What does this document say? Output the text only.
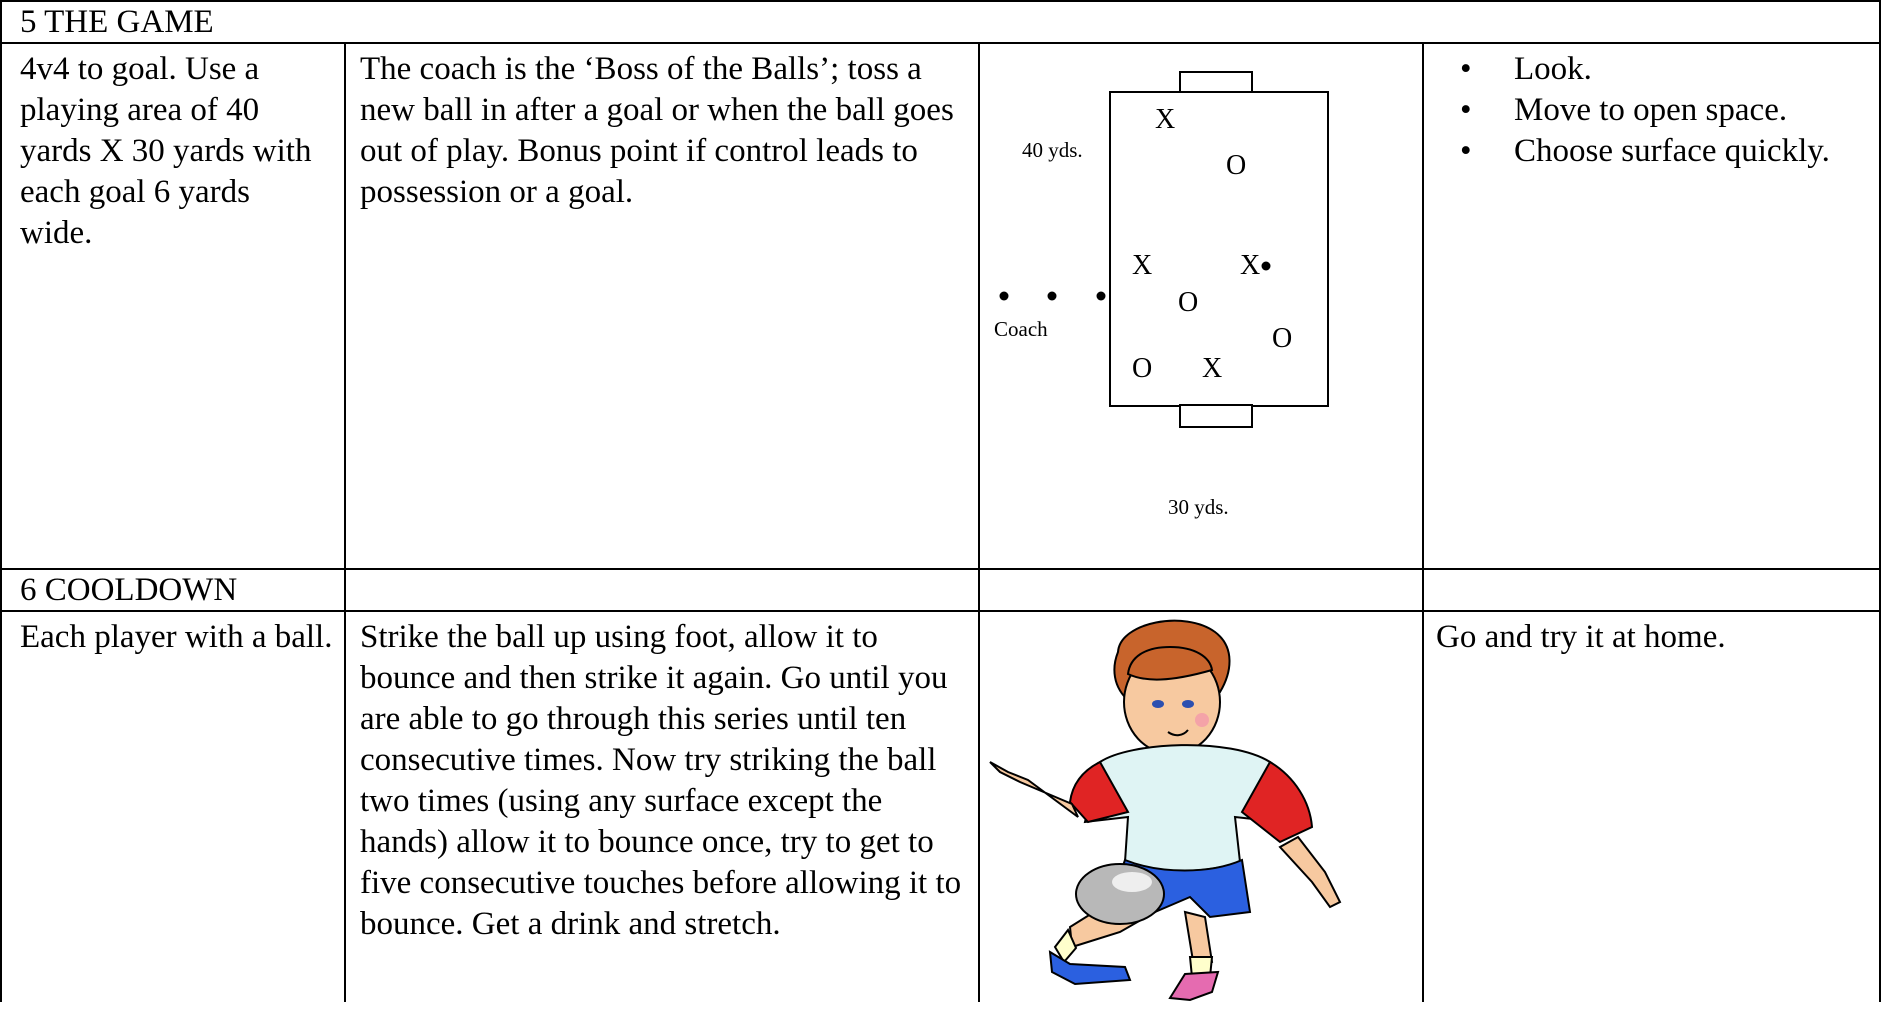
5 THE GAME
4v4 to goal. Use a playing area of 40 yards X 30 yards with each goal 6 yards wide.
The coach is the ‘Boss of the Balls’; toss a new ball in after a goal or when the ball goes out of play. Bonus point if control leads to possession or a goal.
40 yds.
30 yds.
Coach
X
O
X	X
O
O
O X
• Look.
• Move to open space.
• Choose surface quickly.
6 COOLDOWN
Each player with a ball. Strike the ball up using foot, allow it to bounce and then strike it again. Go until you are able to go through this series until ten consecutive times. Now try striking the ball two times (using any surface except the hands) allow it to bounce once, try to get to five consecutive touches before allowing it to bounce. Get a drink and stretch.
Go and try it at home.
